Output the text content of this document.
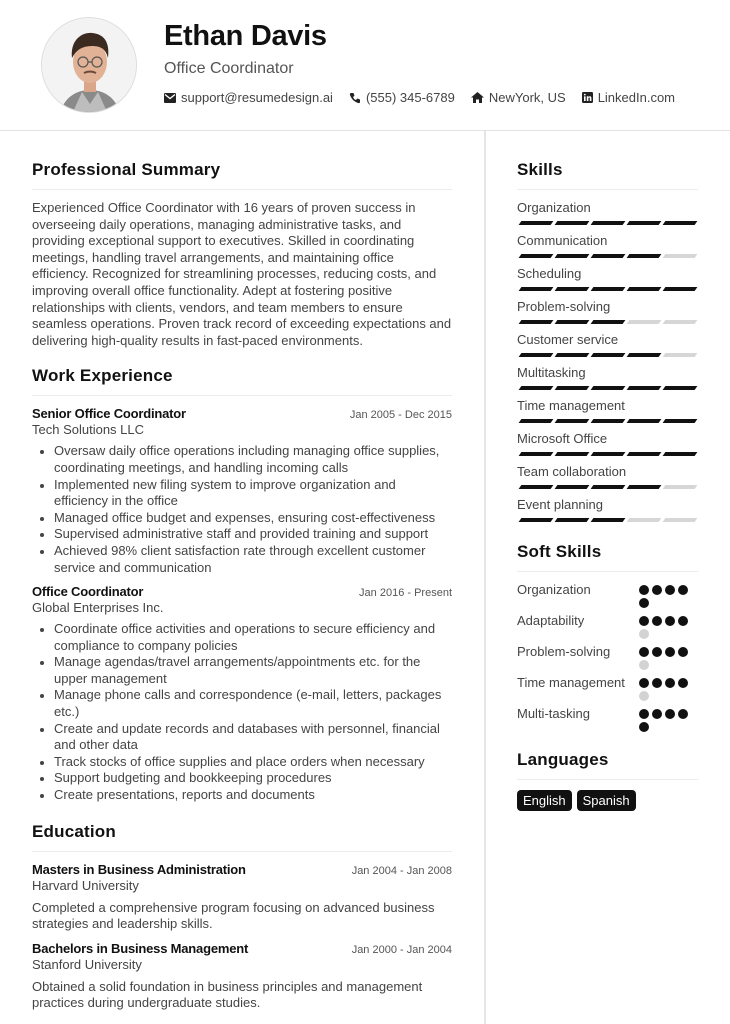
Ethan Davis
Office Coordinator
support@resumedesign.ai	(555) 345-6789	NewYork, US LinkedIn.com
Professional Summary

Experienced Office Coordinator with 16 years of proven success in overseeing daily operations, managing administrative tasks, and providing exceptional support to executives. Skilled in coordinating meetings, handling travel arrangements, and maintaining office efficiency. Recognized for streamlining processes, reducing costs, and improving overall office functionality. Adept at fostering positive relationships with clients, vendors, and team members to ensure seamless operations. Proven track record of exceeding expectations and delivering high-quality results in fast-paced environments.

Work Experience
Senior Office Coordinator	Jan 2005 - Dec 2015
Tech Solutions LLC
Oversaw daily office operations including managing office supplies, coordinating meetings, and handling incoming calls
Implemented new filing system to improve organization and efficiency in the office
Managed office budget and expenses, ensuring cost-effectiveness
Supervised administrative staff and provided training and support
Achieved 98% client satisfaction rate through excellent customer service and communication
Office Coordinator	Jan 2016 - Present
Global Enterprises Inc.
Coordinate office activities and operations to secure efficiency and compliance to company policies
Manage agendas/travel arrangements/appointments etc. for the upper management
Manage phone calls and correspondence (e-mail, letters, packages etc.)
Create and update records and databases with personnel, financial and other data
Track stocks of office supplies and place orders when necessary
Support budgeting and bookkeeping procedures
Create presentations, reports and documents
Education
Masters in Business Administration	Jan 2004 - Jan 2008
Harvard University

Completed a comprehensive program focusing on advanced business strategies and leadership skills.

Bachelors in Business Management	Jan 2000 - Jan 2004
Stanford University

Obtained a solid foundation in business principles and management practices during undergraduate studies.

Skills
Organization
Communication
Scheduling
Problem-solving
Customer service
Multitasking
Time management
Microsoft Office
Team collaboration
Event planning
Soft Skills
Organization
Adaptability
Problem-solving
Time management
Multi-tasking
Languages
English	Spanish
